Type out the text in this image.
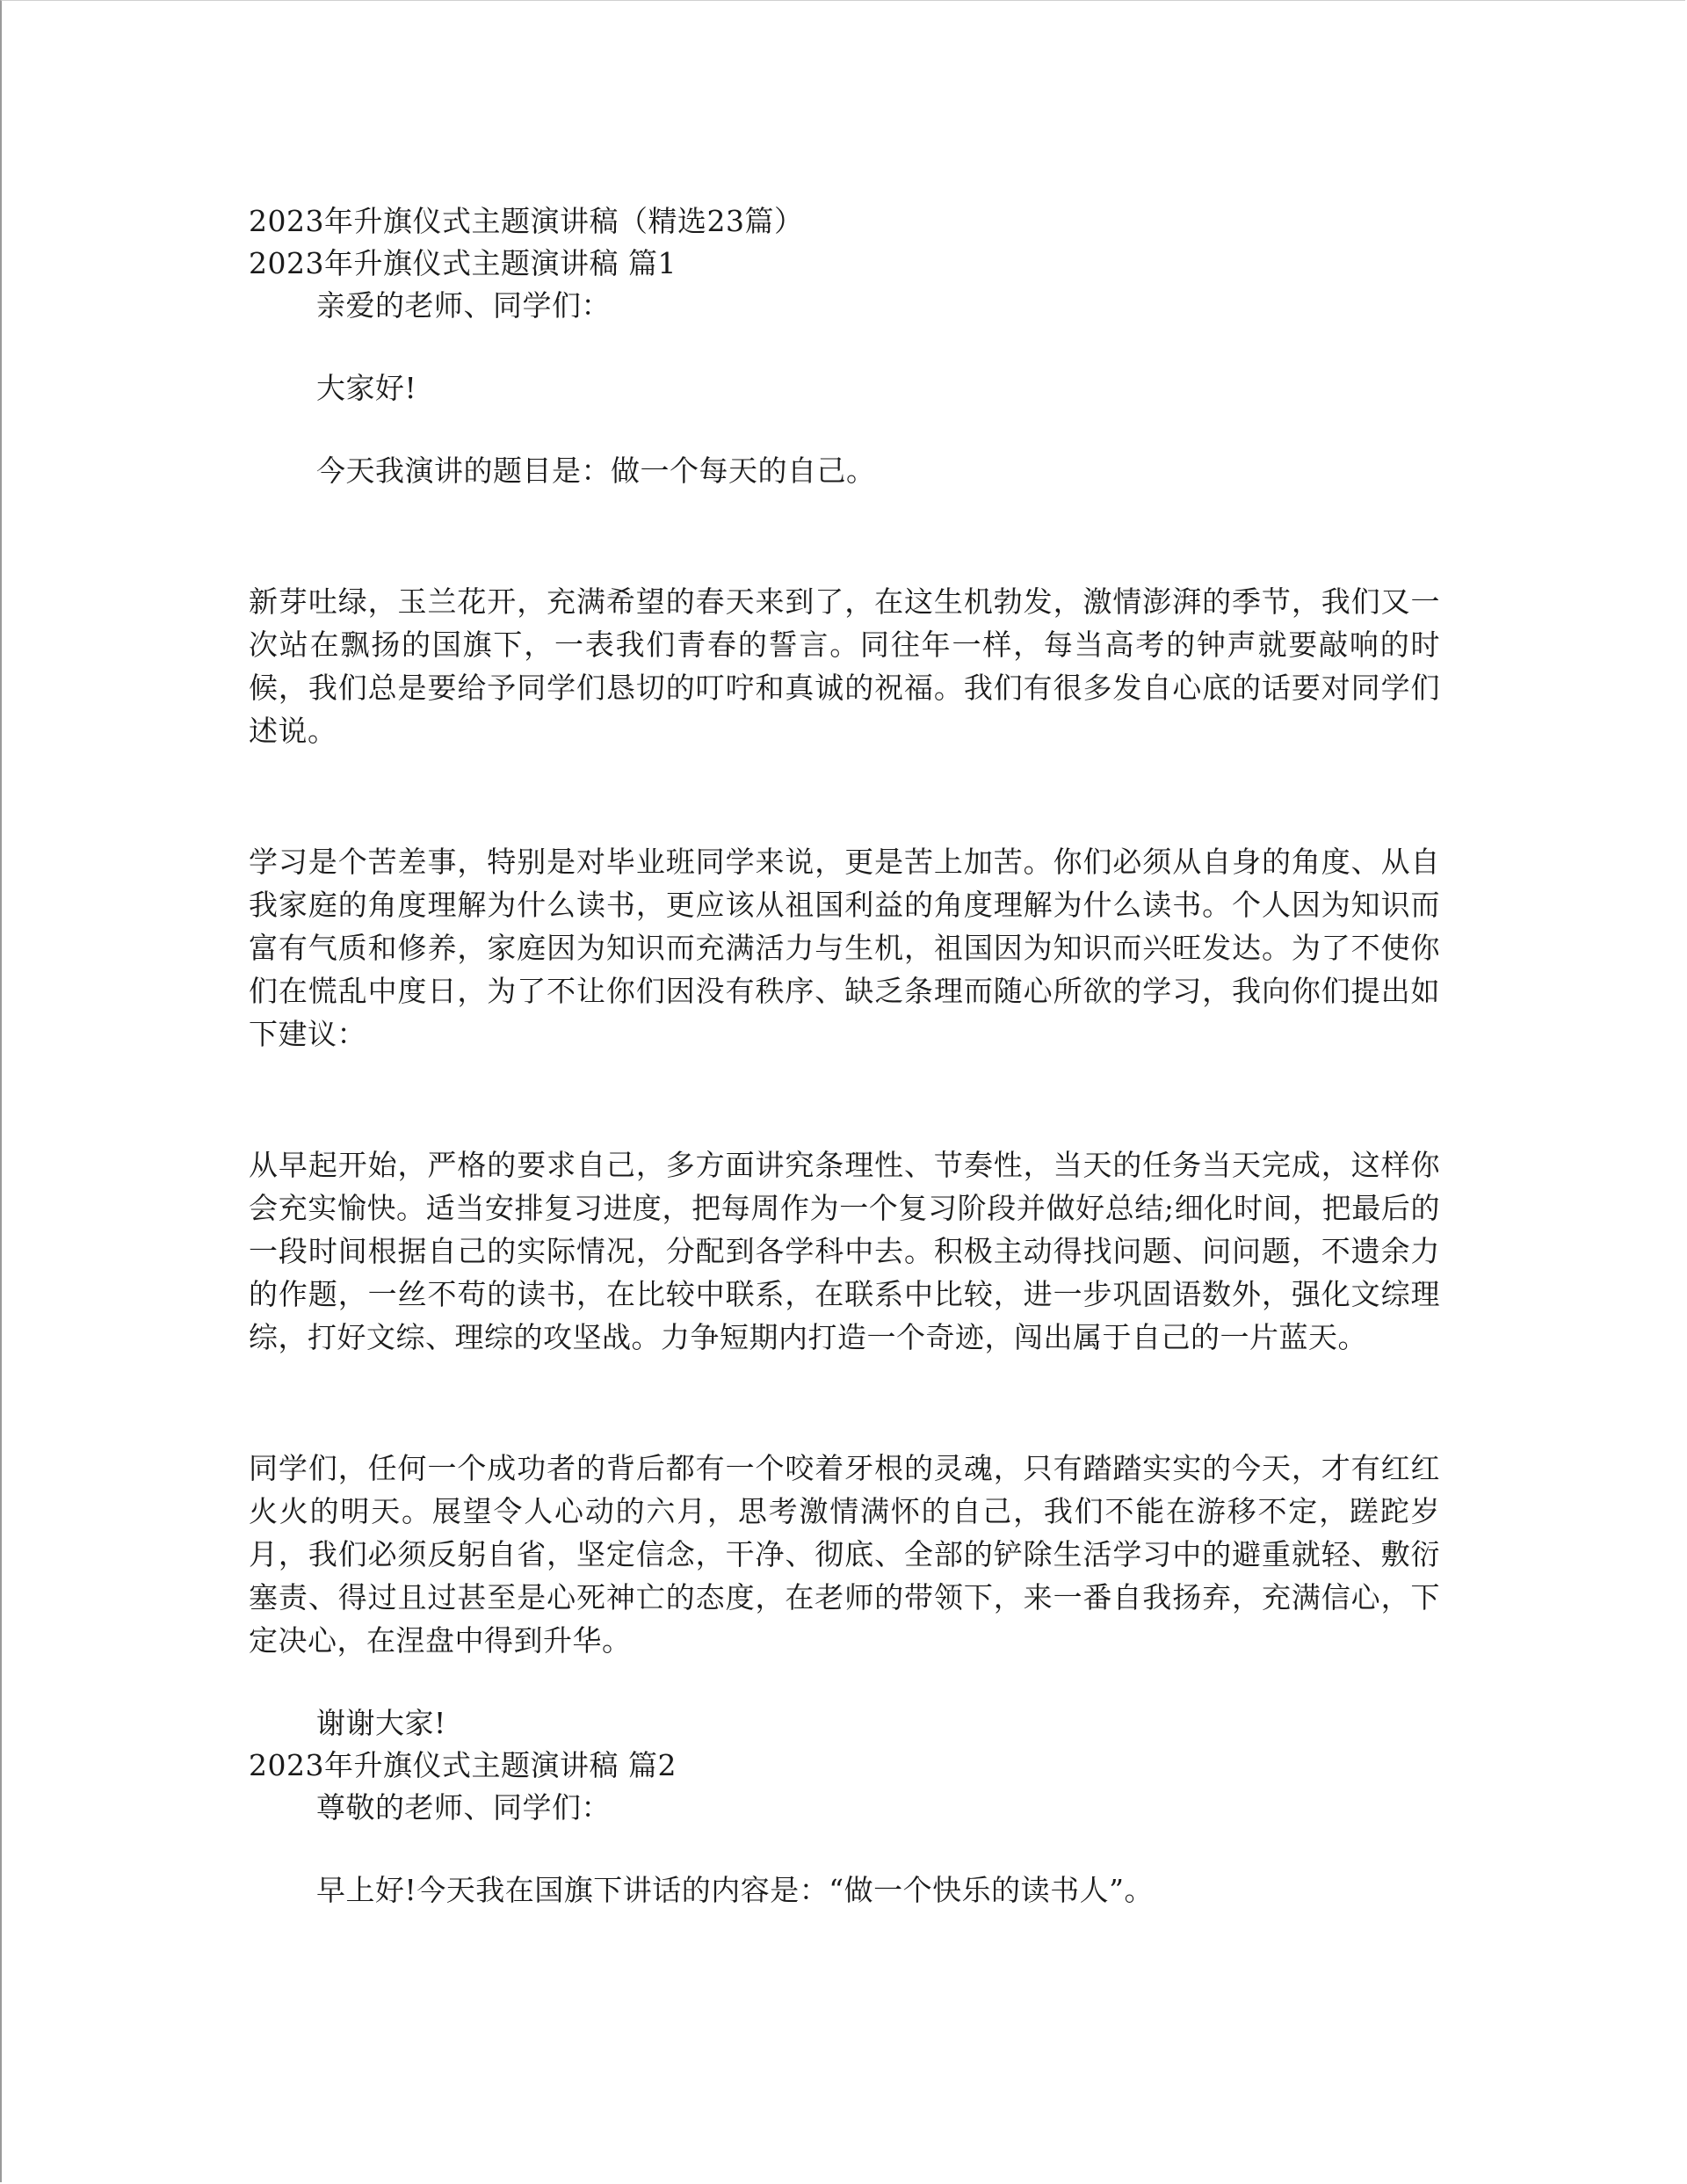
2023年升旗仪式主题演讲稿（精选23篇）
2023年升旗仪式主题演讲稿 篇1
亲爱的老师、同学们：
大家好!
今天我演讲的题目是：做一个每天的自己。

新芽吐绿，玉兰花开，充满希望的春天来到了，在这生机勃发，激情澎湃的季节，我们又一次站在飘扬的国旗下，一表我们青春的誓言。同往年一样，每当高考的钟声就要敲响的时候，我们总是要给予同学们恳切的叮咛和真诚的祝福。我们有很多发自心底的话要对同学们述说。

学习是个苦差事，特别是对毕业班同学来说，更是苦上加苦。你们必须从自身的角度、从自我家庭的角度理解为什么读书，更应该从祖国利益的角度理解为什么读书。个人因为知识而富有气质和修养，家庭因为知识而充满活力与生机，祖国因为知识而兴旺发达。为了不使你们在慌乱中度日，为了不让你们因没有秩序、缺乏条理而随心所欲的学习，我向你们提出如下建议：

从早起开始，严格的要求自己，多方面讲究条理性、节奏性，当天的任务当天完成，这样你会充实愉快。适当安排复习进度，把每周作为一个复习阶段并做好总结;细化时间，把最后的一段时间根据自己的实际情况，分配到各学科中去。积极主动得找问题、问问题，不遗余力的作题，一丝不苟的读书，在比较中联系，在联系中比较，进一步巩固语数外，强化文综理综，打好文综、理综的攻坚战。力争短期内打造一个奇迹，闯出属于自己的一片蓝天。

同学们，任何一个成功者的背后都有一个咬着牙根的灵魂，只有踏踏实实的今天，才有红红火火的明天。展望令人心动的六月，思考激情满怀的自己，我们不能在游移不定，蹉跎岁月，我们必须反躬自省，坚定信念，干净、彻底、全部的铲除生活学习中的避重就轻、敷衍塞责、得过且过甚至是心死神亡的态度，在老师的带领下，来一番自我扬弃，充满信心，下定决心，在涅盘中得到升华。

谢谢大家!
2023年升旗仪式主题演讲稿 篇2
尊敬的老师、同学们：
早上好!今天我在国旗下讲话的内容是：“做一个快乐的读书人”。
